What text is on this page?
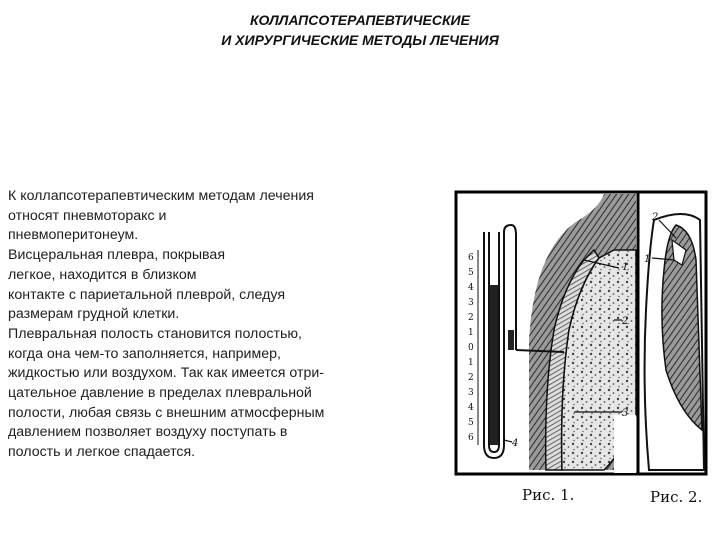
КОЛЛАПСОТЕРАПЕВТИЧЕСКИЕ
И ХИРУРГИЧЕСКИЕ МЕТОДЫ ЛЕЧЕНИЯ
К коллапсотерапевтическим методам лечения
относят пневмоторакс и
пневмоперитонеум.
Висцеральная плевра, покрывая
легкое, находится в близком
контакте с париетальной плеврой, следуя
размерам грудной клетки.
Плевральная полость становится полостью,
когда она чем-то заполняется, например,
жидкостью или воздухом. Так как имеется отри-
цательное давление в пределах плевральной
полости, любая связь с внешним атмосферным
давлением позволяет воздуху поступать в
полость и легкое спадается.
6
5
4
3
2
1
0
1
2
3
4
5
6
1
2
3
4
2
1
Рис. 1.	Рис. 2.
